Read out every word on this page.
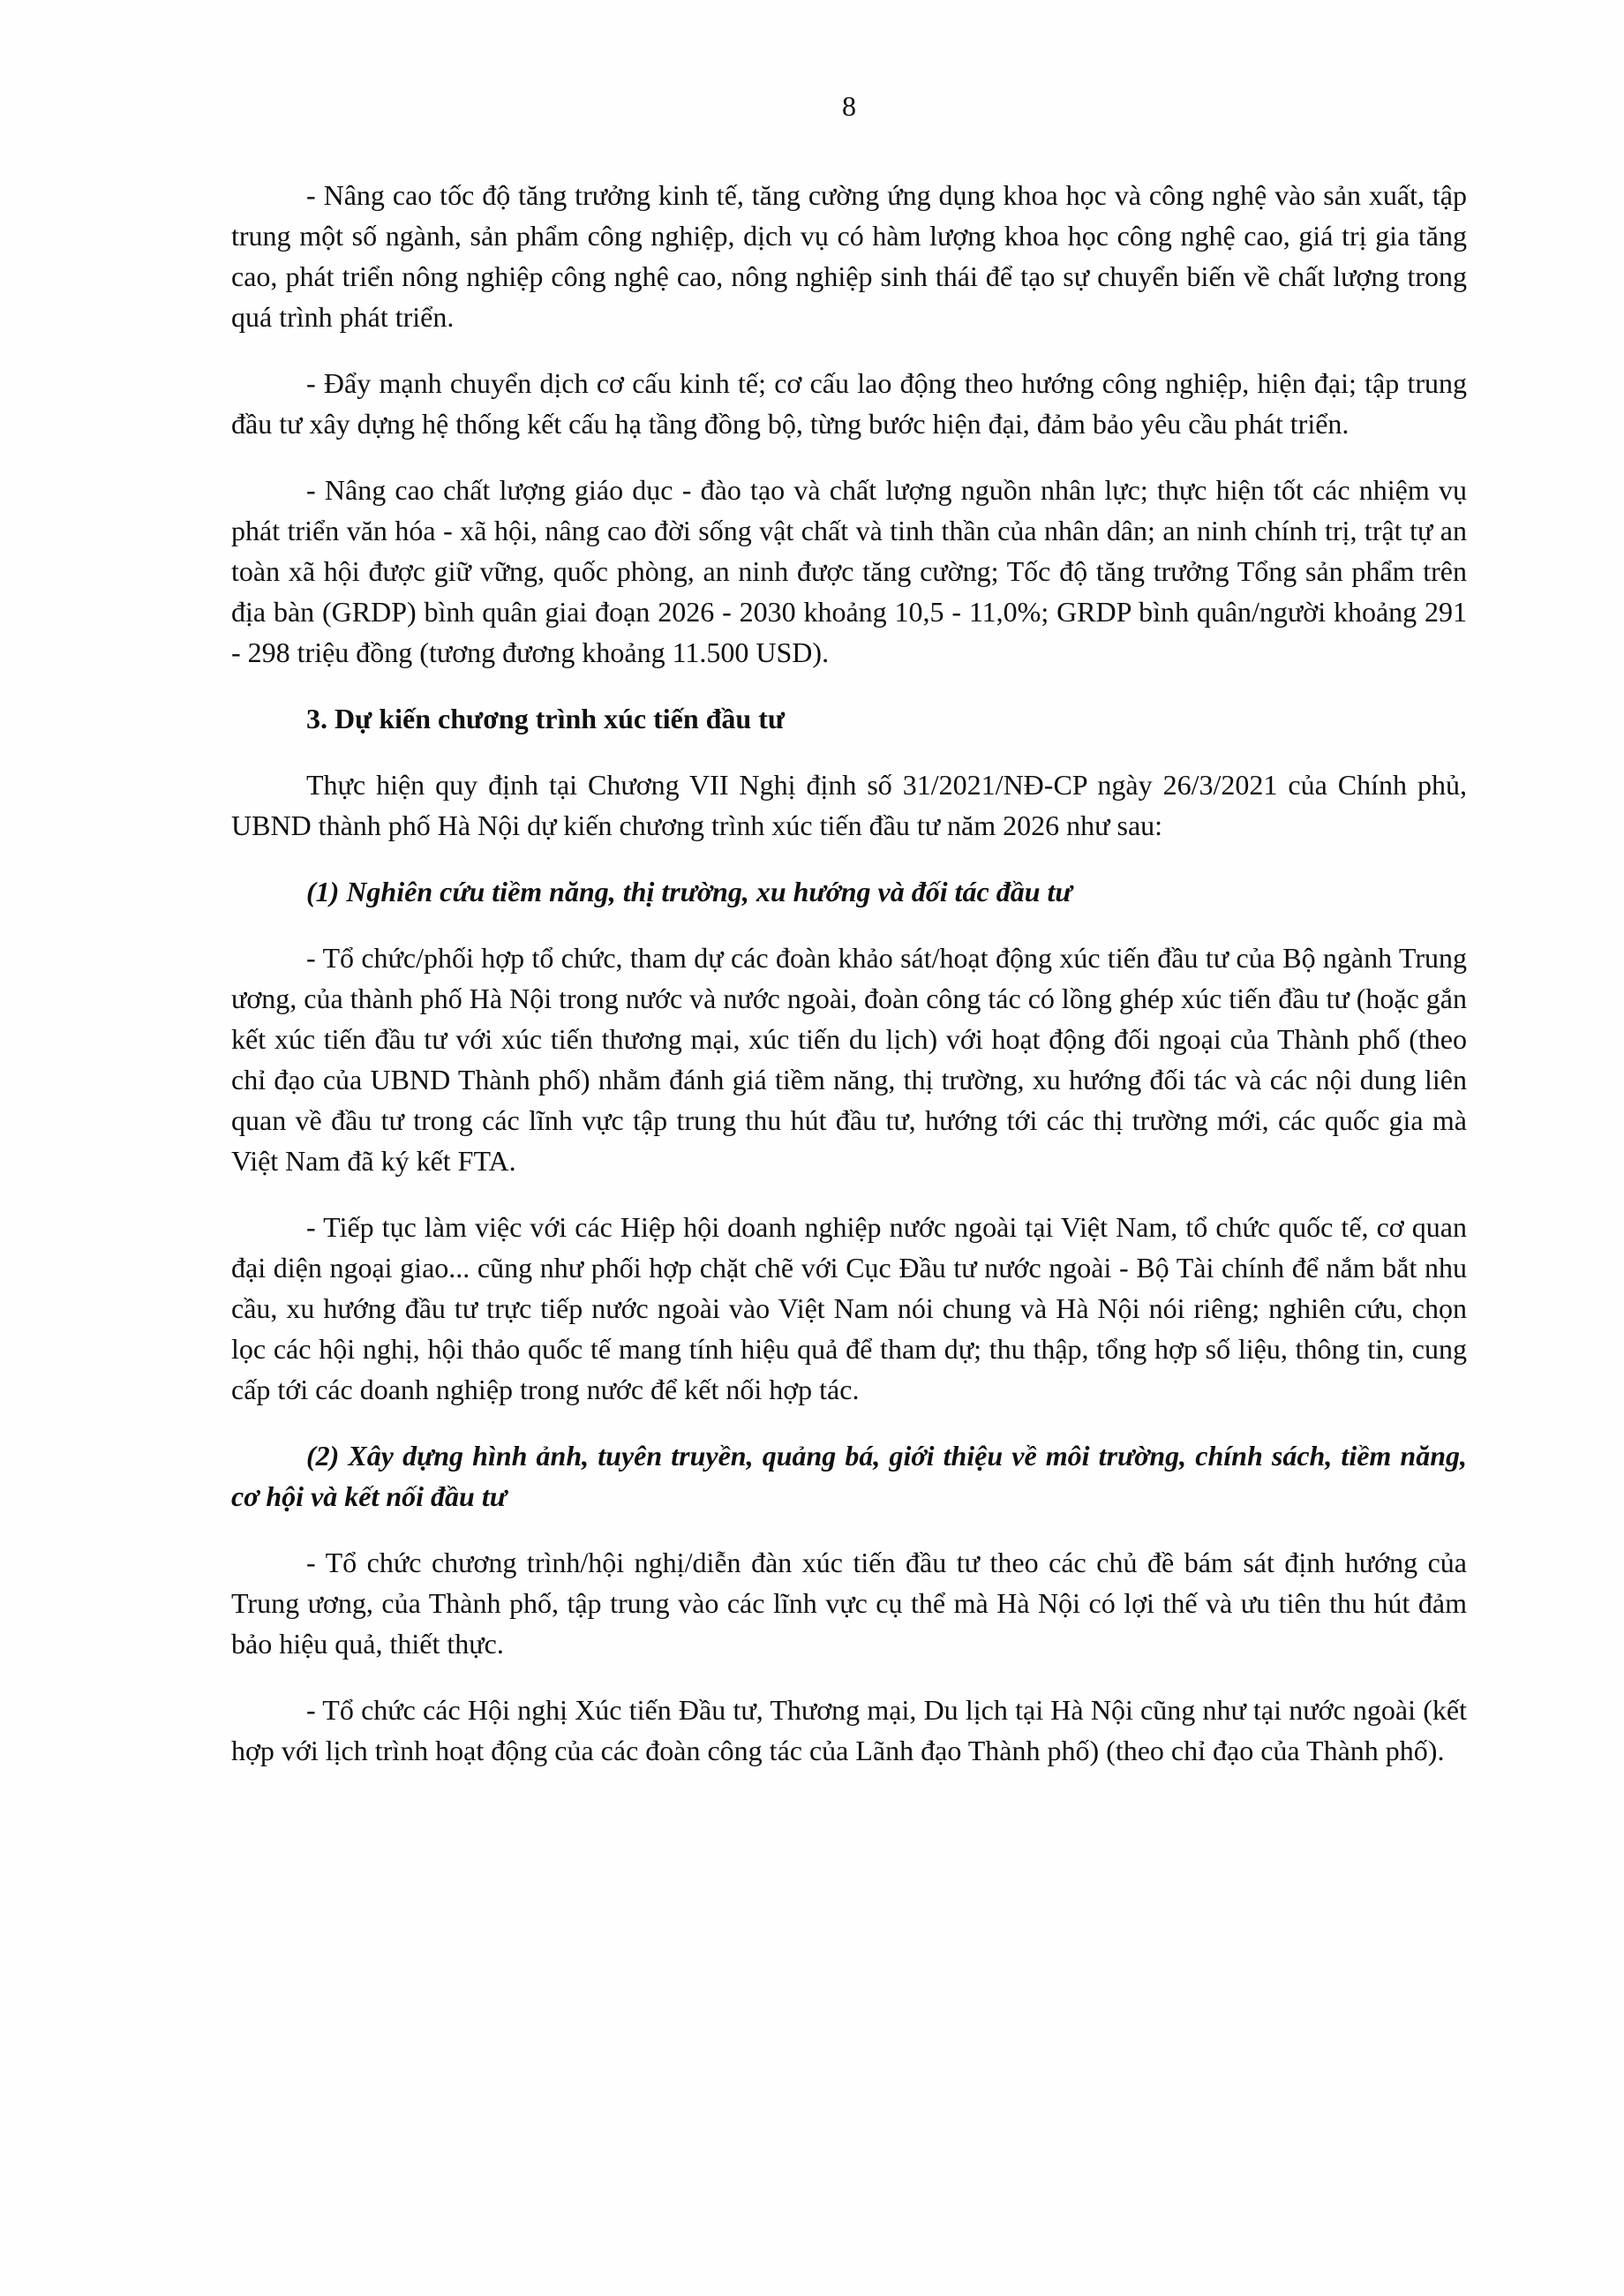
8

- Nâng cao tốc độ tăng trưởng kinh tế, tăng cường ứng dụng khoa học và công nghệ vào sản xuất, tập trung một số ngành, sản phẩm công nghiệp, dịch vụ có hàm lượng khoa học công nghệ cao, giá trị gia tăng cao, phát triển nông nghiệp công nghệ cao, nông nghiệp sinh thái để tạo sự chuyển biến về chất lượng trong quá trình phát triển.

- Đẩy mạnh chuyển dịch cơ cấu kinh tế; cơ cấu lao động theo hướng công nghiệp, hiện đại; tập trung đầu tư xây dựng hệ thống kết cấu hạ tầng đồng bộ, từng bước hiện đại, đảm bảo yêu cầu phát triển.

- Nâng cao chất lượng giáo dục - đào tạo và chất lượng nguồn nhân lực; thực hiện tốt các nhiệm vụ phát triển văn hóa - xã hội, nâng cao đời sống vật chất và tinh thần của nhân dân; an ninh chính trị, trật tự an toàn xã hội được giữ vững, quốc phòng, an ninh được tăng cường; Tốc độ tăng trưởng Tổng sản phẩm trên địa bàn (GRDP) bình quân giai đoạn 2026 - 2030 khoảng 10,5 - 11,0%; GRDP bình quân/người khoảng 291 - 298 triệu đồng (tương đương khoảng 11.500 USD).

3. Dự kiến chương trình xúc tiến đầu tư

Thực hiện quy định tại Chương VII Nghị định số 31/2021/NĐ-CP ngày 26/3/2021 của Chính phủ, UBND thành phố Hà Nội dự kiến chương trình xúc tiến đầu tư năm 2026 như sau:

(1) Nghiên cứu tiềm năng, thị trường, xu hướng và đối tác đầu tư

- Tổ chức/phối hợp tổ chức, tham dự các đoàn khảo sát/hoạt động xúc tiến đầu tư của Bộ ngành Trung ương, của thành phố Hà Nội trong nước và nước ngoài, đoàn công tác có lồng ghép xúc tiến đầu tư (hoặc gắn kết xúc tiến đầu tư với xúc tiến thương mại, xúc tiến du lịch) với hoạt động đối ngoại của Thành phố (theo chỉ đạo của UBND Thành phố) nhằm đánh giá tiềm năng, thị trường, xu hướng đối tác và các nội dung liên quan về đầu tư trong các lĩnh vực tập trung thu hút đầu tư, hướng tới các thị trường mới, các quốc gia mà Việt Nam đã ký kết FTA.

- Tiếp tục làm việc với các Hiệp hội doanh nghiệp nước ngoài tại Việt Nam, tổ chức quốc tế, cơ quan đại diện ngoại giao... cũng như phối hợp chặt chẽ với Cục Đầu tư nước ngoài - Bộ Tài chính để nắm bắt nhu cầu, xu hướng đầu tư trực tiếp nước ngoài vào Việt Nam nói chung và Hà Nội nói riêng; nghiên cứu, chọn lọc các hội nghị, hội thảo quốc tế mang tính hiệu quả để tham dự; thu thập, tổng hợp số liệu, thông tin, cung cấp tới các doanh nghiệp trong nước để kết nối hợp tác.

(2) Xây dựng hình ảnh, tuyên truyền, quảng bá, giới thiệu về môi trường, chính sách, tiềm năng, cơ hội và kết nối đầu tư

- Tổ chức chương trình/hội nghị/diễn đàn xúc tiến đầu tư theo các chủ đề bám sát định hướng của Trung ương, của Thành phố, tập trung vào các lĩnh vực cụ thể mà Hà Nội có lợi thế và ưu tiên thu hút đảm bảo hiệu quả, thiết thực.

- Tổ chức các Hội nghị Xúc tiến Đầu tư, Thương mại, Du lịch tại Hà Nội cũng như tại nước ngoài (kết hợp với lịch trình hoạt động của các đoàn công tác của Lãnh đạo Thành phố) (theo chỉ đạo của Thành phố).
